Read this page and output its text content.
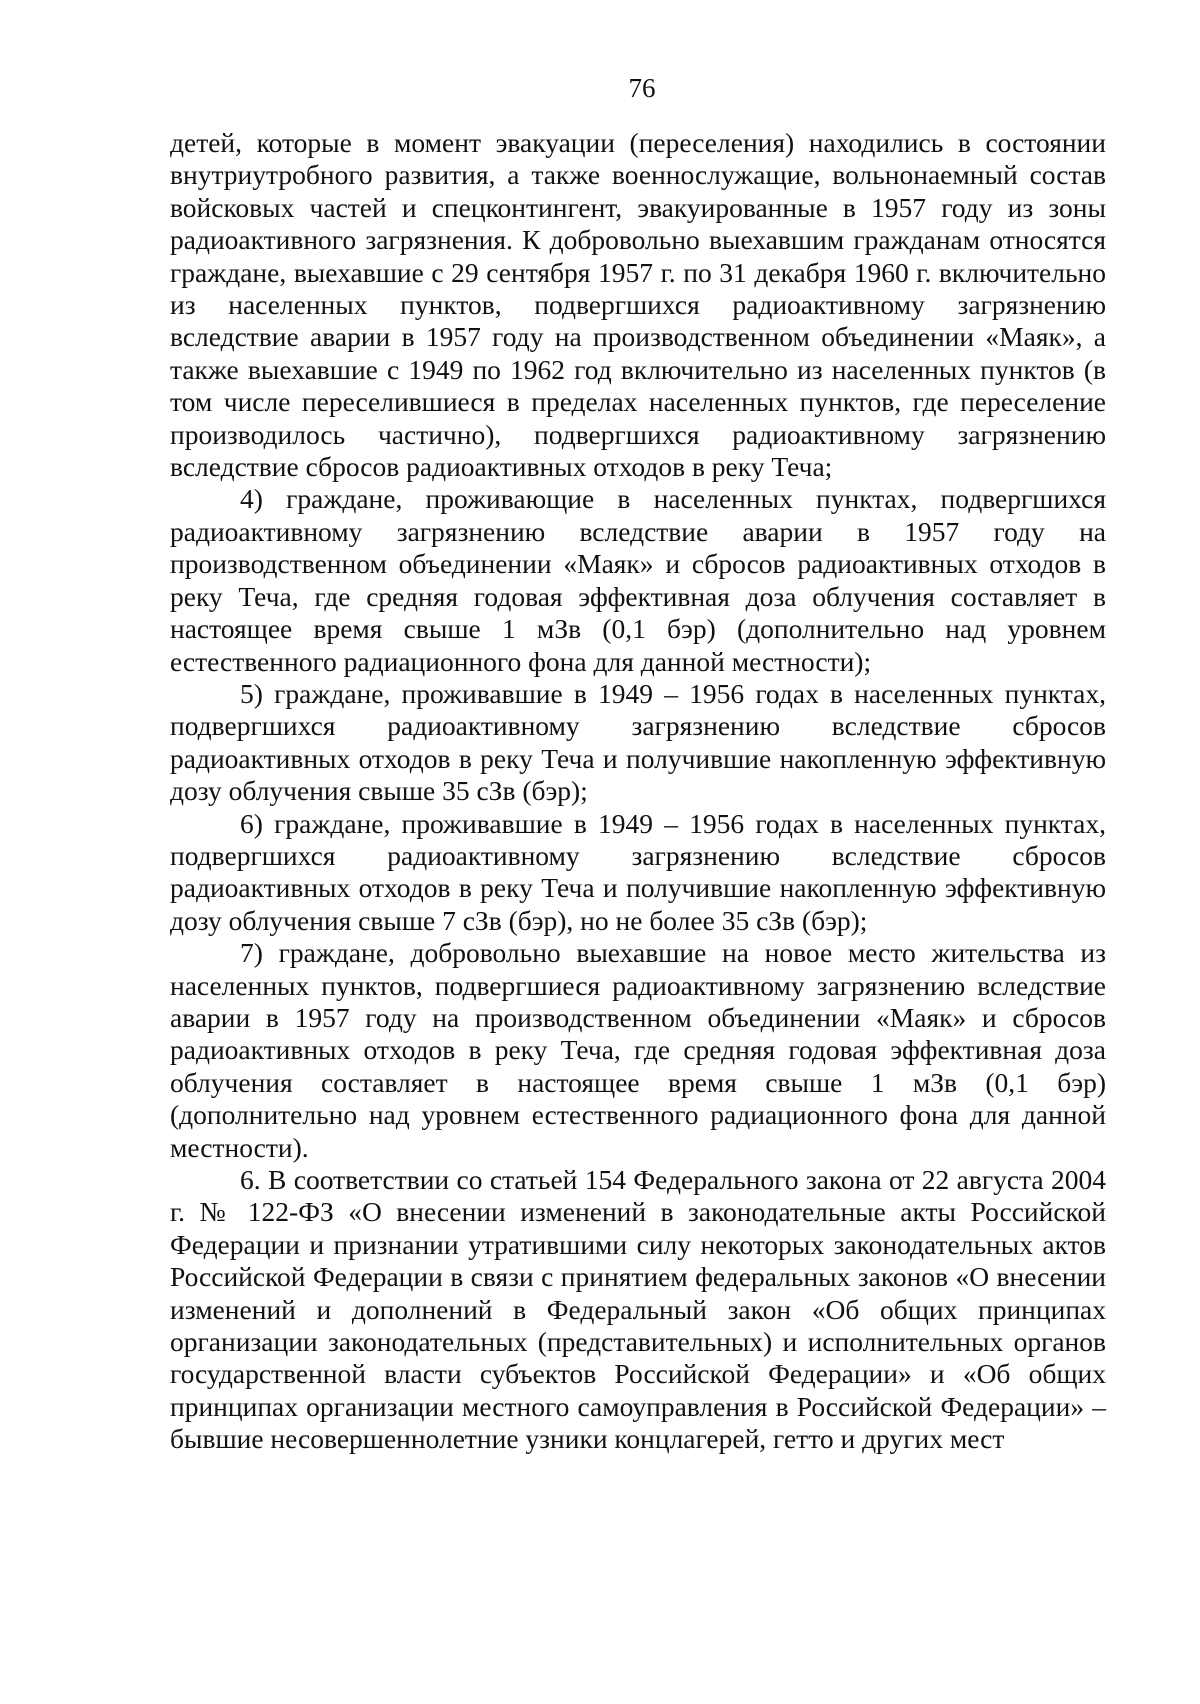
76

детей, которые в момент эвакуации (переселения) находились в состоянии внутриутробного развития, а также военнослужащие, вольнонаемный состав войсковых частей и спецконтингент, эвакуированные в 1957 году из зоны радиоактивного загрязнения. К добровольно выехавшим гражданам относятся граждане, выехавшие с 29 сентября 1957 г. по 31 декабря 1960 г. включительно из населенных пунктов, подвергшихся радиоактивному загрязнению вследствие аварии в 1957 году на производственном объединении «Маяк», а также выехавшие с 1949 по 1962 год включительно из населенных пунктов (в том числе переселившиеся в пределах населенных пунктов, где переселение производилось частично), подвергшихся радиоактивному загрязнению вследствие сбросов радиоактивных отходов в реку Теча;

4) граждане, проживающие в населенных пунктах, подвергшихся радиоактивному загрязнению вследствие аварии в 1957 году на производственном объединении «Маяк» и сбросов радиоактивных отходов в реку Теча, где средняя годовая эффективная доза облучения составляет в настоящее время свыше 1 мЗв (0,1 бэр) (дополнительно над уровнем естественного радиационного фона для данной местности);

5) граждане, проживавшие в 1949 – 1956 годах в населенных пунктах, подвергшихся радиоактивному загрязнению вследствие сбросов радиоактивных отходов в реку Теча и получившие накопленную эффективную дозу облучения свыше 35 сЗв (бэр);

6) граждане, проживавшие в 1949 – 1956 годах в населенных пунктах, подвергшихся радиоактивному загрязнению вследствие сбросов радиоактивных отходов в реку Теча и получившие накопленную эффективную дозу облучения свыше 7 сЗв (бэр), но не более 35 сЗв (бэр);

7) граждане, добровольно выехавшие на новое место жительства из населенных пунктов, подвергшиеся радиоактивному загрязнению вследствие аварии в 1957 году на производственном объединении «Маяк» и сбросов радиоактивных отходов в реку Теча, где средняя годовая эффективная доза облучения составляет в настоящее время свыше 1 мЗв (0,1 бэр) (дополнительно над уровнем естественного радиационного фона для данной местности).

6. В соответствии со статьей 154 Федерального закона от 22 августа 2004 г. № 122-ФЗ «О внесении изменений в законодательные акты Российской Федерации и признании утратившими силу некоторых законодательных актов Российской Федерации в связи с принятием федеральных законов «О внесении изменений и дополнений в Федеральный закон «Об общих принципах организации законодательных (представительных) и исполнительных органов государственной власти субъектов Российской Федерации» и «Об общих принципах организации местного самоуправления в Российской Федерации» – бывшие несовершеннолетние узники концлагерей, гетто и других мест
